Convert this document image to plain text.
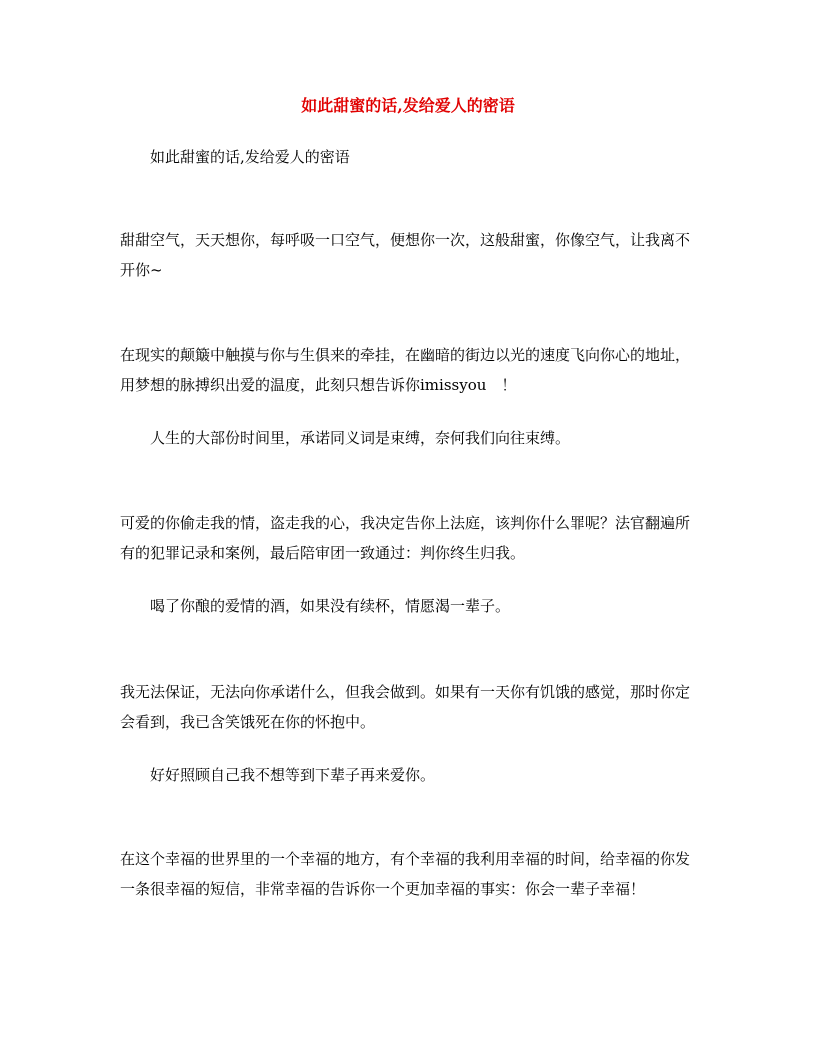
如此甜蜜的话,发给爱人的密语

如此甜蜜的话,发给爱人的密语

甜甜空气，天天想你，每呼吸一口空气，便想你一次，这般甜蜜，你像空气，让我离不开你~

在现实的颠簸中触摸与你与生俱来的牵挂，在幽暗的街边以光的速度飞向你心的地址，用梦想的脉搏织出爱的温度，此刻只想告诉你imissyou　！

人生的大部份时间里，承诺同义词是束缚，奈何我们向往束缚。

可爱的你偷走我的情，盗走我的心，我决定告你上法庭，该判你什么罪呢？法官翻遍所有的犯罪记录和案例，最后陪审团一致通过：判你终生归我。

喝了你酿的爱情的酒，如果没有续杯，情愿渴一辈子。

我无法保证，无法向你承诺什么，但我会做到。如果有一天你有饥饿的感觉，那时你定会看到，我已含笑饿死在你的怀抱中。

好好照顾自己我不想等到下辈子再来爱你。

在这个幸福的世界里的一个幸福的地方，有个幸福的我利用幸福的时间，给幸福的你发一条很幸福的短信，非常幸福的告诉你一个更加幸福的事实：你会一辈子幸福！
